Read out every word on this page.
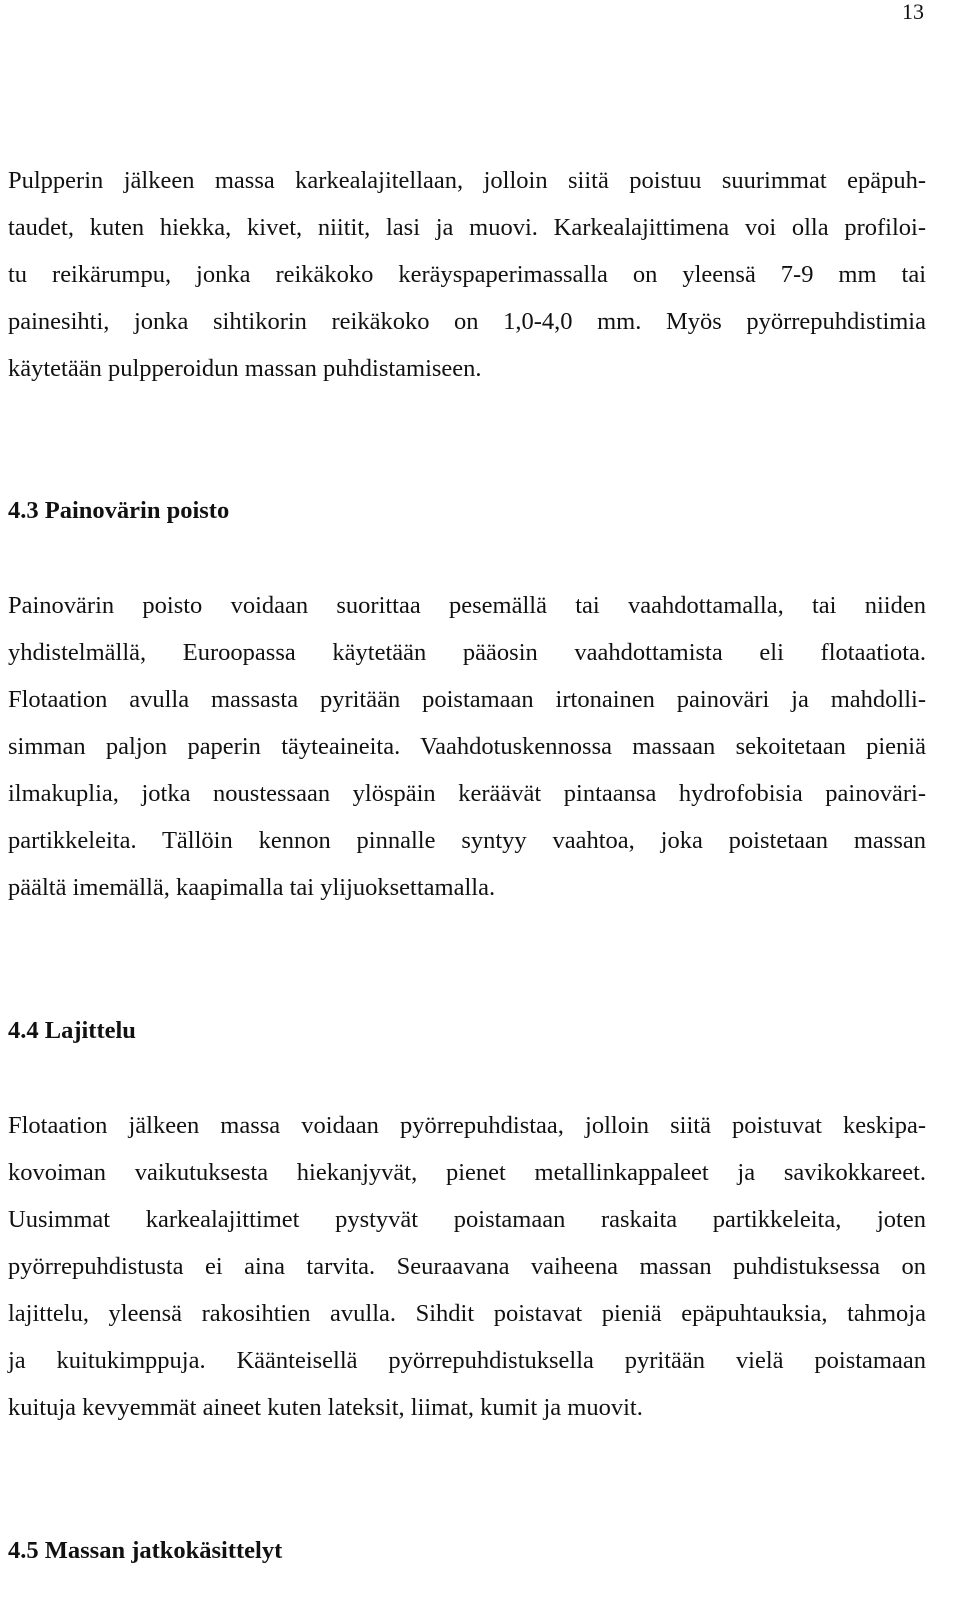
13
Pulpperin jälkeen massa karkealajitellaan, jolloin siitä poistuu suurimmat epäpuh-
taudet, kuten hiekka, kivet, niitit, lasi ja muovi. Karkealajittimena voi olla profiloi-
tu reikärumpu, jonka reikäkoko keräyspaperimassalla on yleensä 7-9 mm tai
painesihti, jonka sihtikorin reikäkoko on 1,0-4,0 mm. Myös pyörrepuhdistimia
käytetään pulpperoidun massan puhdistamiseen.
4.3 Painovärin poisto
Painovärin poisto voidaan suorittaa pesemällä tai vaahdottamalla, tai niiden
yhdistelmällä, Euroopassa käytetään pääosin vaahdottamista eli flotaatiota.
Flotaation avulla massasta pyritään poistamaan irtonainen painoväri ja mahdolli-
simman paljon paperin täyteaineita. Vaahdotuskennossa massaan sekoitetaan pieniä
ilmakuplia, jotka noustessaan ylöspäin keräävät pintaansa hydrofobisia painoväri-
partikkeleita. Tällöin kennon pinnalle syntyy vaahtoa, joka poistetaan massan
päältä imemällä, kaapimalla tai ylijuoksettamalla.
4.4 Lajittelu
Flotaation jälkeen massa voidaan pyörrepuhdistaa, jolloin siitä poistuvat keskipa-
kovoiman vaikutuksesta hiekanjyvät, pienet metallinkappaleet ja savikokkareet.
Uusimmat karkealajittimet pystyvät poistamaan raskaita partikkeleita, joten
pyörrepuhdistusta ei aina tarvita. Seuraavana vaiheena massan puhdistuksessa on
lajittelu, yleensä rakosihtien avulla. Sihdit poistavat pieniä epäpuhtauksia, tahmoja
ja kuitukimppuja. Käänteisellä pyörrepuhdistuksella pyritään vielä poistamaan
kuituja kevyemmät aineet kuten lateksit, liimat, kumit ja muovit.
4.5 Massan jatkokäsittelyt
